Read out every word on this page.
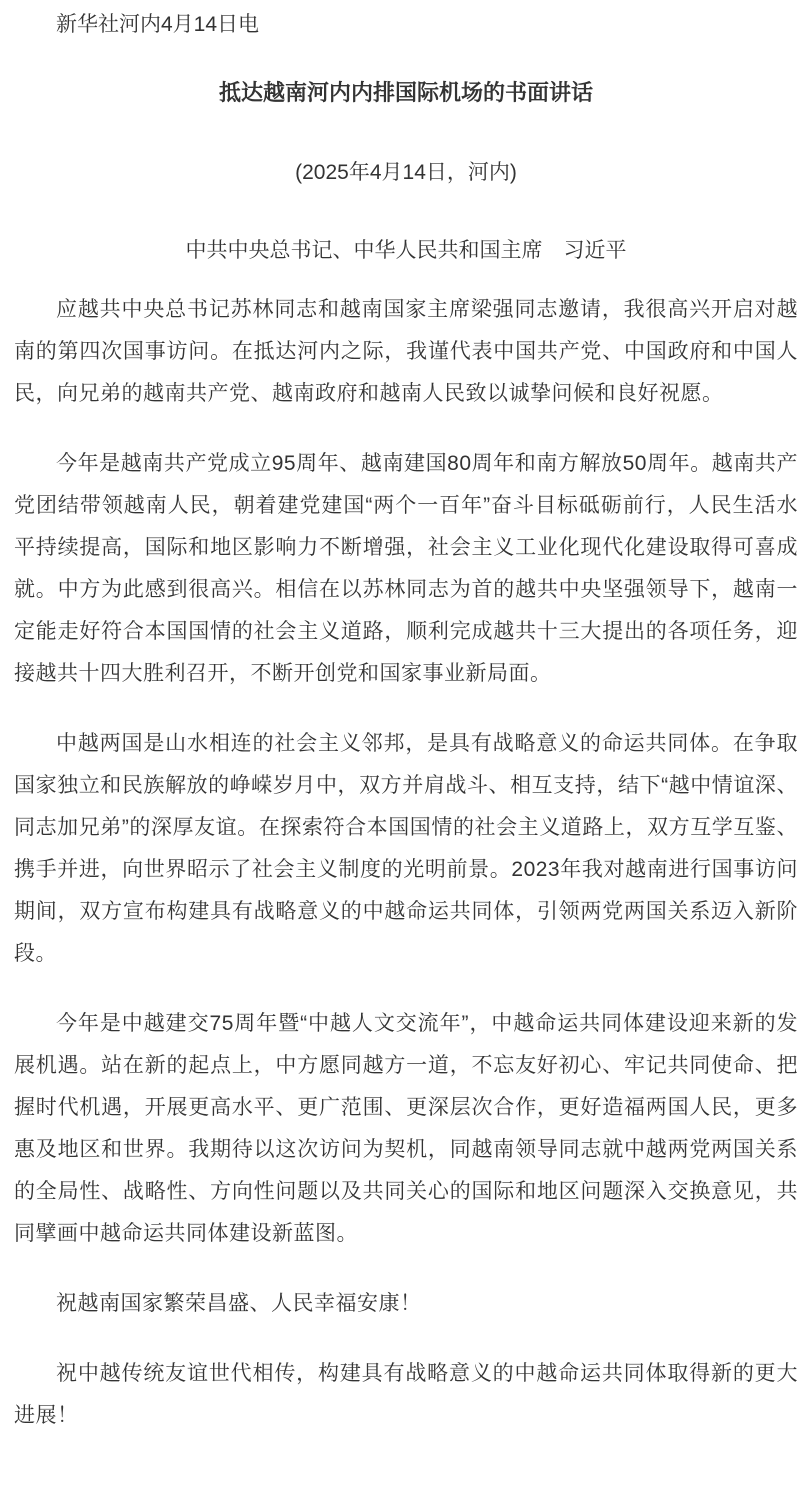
新华社河内4月14日电

抵达越南河内内排国际机场的书面讲话

(2025年4月14日，河内)

中共中央总书记、中华人民共和国主席　习近平

应越共中央总书记苏林同志和越南国家主席梁强同志邀请，我很高兴开启对越南的第四次国事访问。在抵达河内之际，我谨代表中国共产党、中国政府和中国人民，向兄弟的越南共产党、越南政府和越南人民致以诚挚问候和良好祝愿。

今年是越南共产党成立95周年、越南建国80周年和南方解放50周年。越南共产党团结带领越南人民，朝着建党建国“两个一百年”奋斗目标砥砺前行，人民生活水平持续提高，国际和地区影响力不断增强，社会主义工业化现代化建设取得可喜成就。中方为此感到很高兴。相信在以苏林同志为首的越共中央坚强领导下，越南一定能走好符合本国国情的社会主义道路，顺利完成越共十三大提出的各项任务，迎接越共十四大胜利召开，不断开创党和国家事业新局面。

中越两国是山水相连的社会主义邻邦，是具有战略意义的命运共同体。在争取国家独立和民族解放的峥嵘岁月中，双方并肩战斗、相互支持，结下“越中情谊深、同志加兄弟”的深厚友谊。在探索符合本国国情的社会主义道路上，双方互学互鉴、携手并进，向世界昭示了社会主义制度的光明前景。2023年我对越南进行国事访问期间，双方宣布构建具有战略意义的中越命运共同体，引领两党两国关系迈入新阶段。

今年是中越建交75周年暨“中越人文交流年”，中越命运共同体建设迎来新的发展机遇。站在新的起点上，中方愿同越方一道，不忘友好初心、牢记共同使命、把握时代机遇，开展更高水平、更广范围、更深层次合作，更好造福两国人民，更多惠及地区和世界。我期待以这次访问为契机，同越南领导同志就中越两党两国关系的全局性、战略性、方向性问题以及共同关心的国际和地区问题深入交换意见，共同擘画中越命运共同体建设新蓝图。

祝越南国家繁荣昌盛、人民幸福安康！

祝中越传统友谊世代相传，构建具有战略意义的中越命运共同体取得新的更大进展！
